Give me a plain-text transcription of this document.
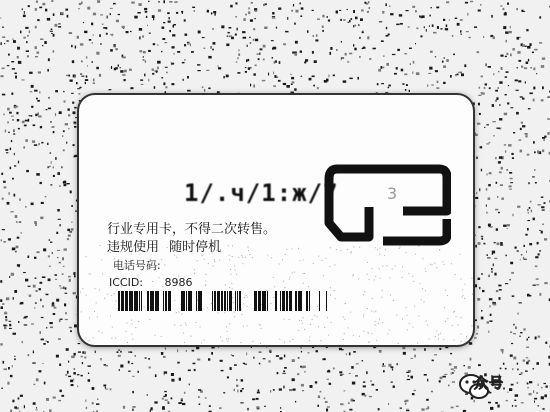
1/.ч/1:ж/7
行业专用卡，不得二次转售。
违规使用 随时停机
电话号码:
ICCID: 8986
3
众号
